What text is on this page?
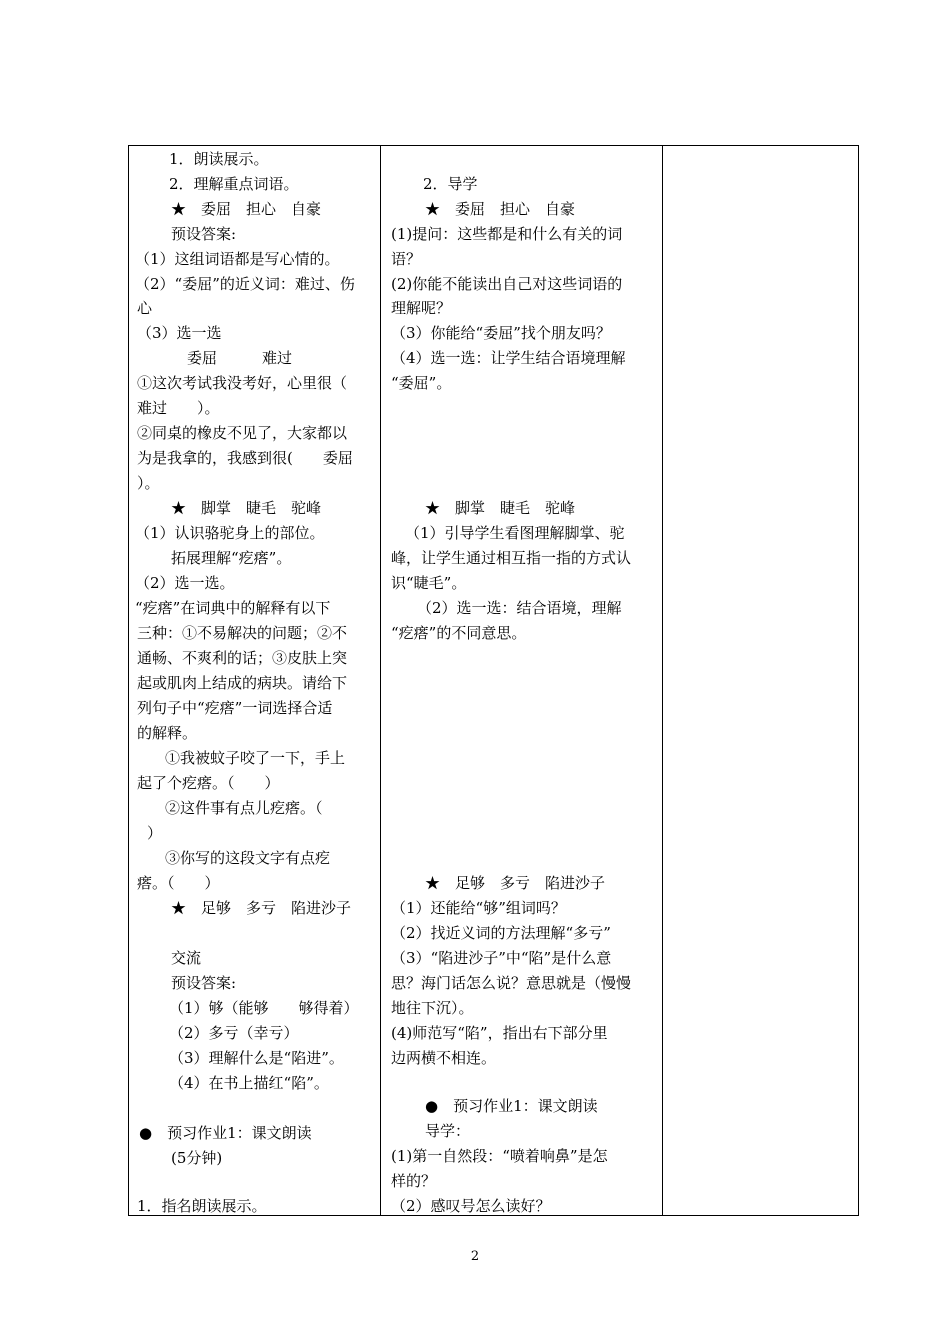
1．朗读展示。
2．理解重点词语。
★　委屈　担心　自豪
预设答案:
（1）这组词语都是写心情的。
（2）“委屈”的近义词：难过、伤
心
（3）选一选
委屈　　　难过
①这次考试我没考好，心里很（
难过　　）。
②同桌的橡皮不见了，大家都以
为是我拿的，我感到很(　　委屈
）。
★　脚掌　睫毛　驼峰
（1）认识骆驼身上的部位。
拓展理解“疙瘩”。
（2）选一选。
“疙瘩”在词典中的解释有以下
三种：①不易解决的问题；②不
通畅、不爽利的话；③皮肤上突
起或肌肉上结成的病块。请给下
列句子中“疙瘩”一词选择合适
的解释。
①我被蚊子咬了一下，手上
起了个疙瘩。（　　）
②这件事有点儿疙瘩。（
）
③你写的这段文字有点疙
瘩。（　　）
★　足够　多亏　陷进沙子
交流
预设答案:
（1）够（能够　　够得着）
（2）多亏（幸亏）
（3）理解什么是“陷进”。
（4）在书上描红“陷”。
●　预习作业1：课文朗读
(5分钟)
1．指名朗读展示。
2．导学
★　委屈　担心　自豪
(1)提问：这些都是和什么有关的词
语？
(2)你能不能读出自己对这些词语的
理解呢？
（3）你能给“委屈”找个朋友吗？
（4）选一选：让学生结合语境理解
“委屈”。
★　脚掌　睫毛　驼峰
（1）引导学生看图理解脚掌、驼
峰，让学生通过相互指一指的方式认
识“睫毛”。
（2）选一选：结合语境，理解
“疙瘩”的不同意思。
★　足够　多亏　陷进沙子
（1）还能给“够”组词吗？
（2）找近义词的方法理解“多亏”
（3）“陷进沙子”中“陷”是什么意
思？海门话怎么说？意思就是（慢慢
地往下沉）。
(4)师范写“陷”，指出右下部分里
边两横不相连。
●　预习作业1：课文朗读
导学：
(1)第一自然段：“喷着响鼻”是怎
样的？
（2）感叹号怎么读好？
2
